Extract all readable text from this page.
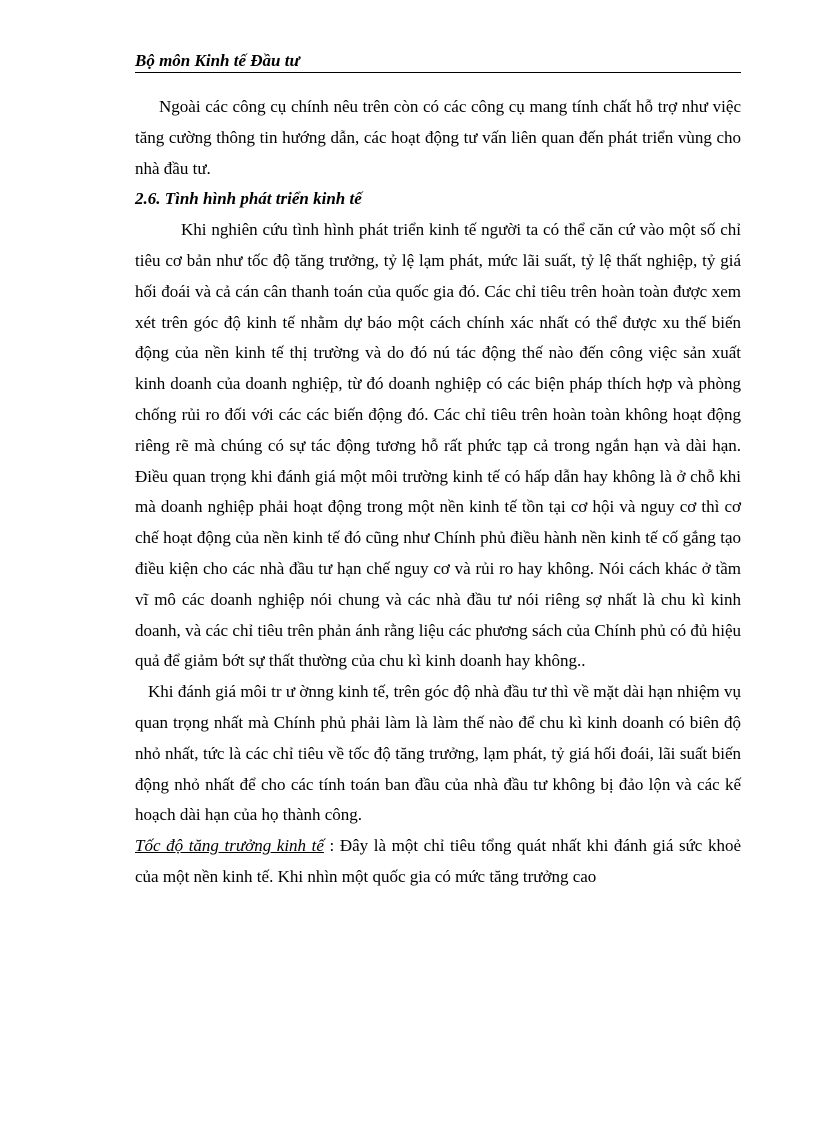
Bộ môn Kinh tế Đầu tư

Ngoài các công cụ chính nêu trên còn có các công cụ mang tính chất hỗ trợ như việc tăng cường thông tin hướng dẫn, các hoạt động tư vấn liên quan đến phát triển vùng cho nhà đầu tư.

2.6. Tình hình phát triển kinh tế

Khi nghiên cứu tình hình phát triển kinh tế người ta có thể căn cứ vào một số chỉ tiêu cơ bản như tốc độ tăng trưởng, tỷ lệ lạm phát, mức lãi suất, tỷ lệ thất nghiệp, tỷ giá hối đoái và cả cán cân thanh toán của quốc gia đó. Các chỉ tiêu trên hoàn toàn được xem xét trên góc độ kinh tế nhằm dự báo một cách chính xác nhất có thể được xu thế biến động của nền kinh tế thị trường và do đó nú tác động thế nào đến công việc sản xuất kinh doanh của doanh nghiệp, từ đó doanh nghiệp có các biện pháp thích hợp và phòng chống rủi ro đối với các các biến động đó. Các chỉ tiêu trên hoàn toàn không hoạt động riêng rẽ mà chúng có sự tác động tương hỗ rất phức tạp cả trong ngắn hạn và dài hạn. Điều quan trọng khi đánh giá một môi trường kinh tế có hấp dẫn hay không là ở chỗ khi mà doanh nghiệp phải hoạt động trong một nền kinh tế tồn tại cơ hội và nguy cơ thì cơ chế hoạt động của nền kinh tế đó cũng như Chính phủ điều hành nền kinh tế cố gắng tạo điều kiện cho các nhà đầu tư hạn chế nguy cơ và rủi ro hay không. Nói cách khác ở tầm vĩ mô các doanh nghiệp nói chung và các nhà đầu tư nói riêng sợ nhất là chu kì kinh doanh, và các chỉ tiêu trên phản ánh rằng liệu các phương sách của Chính phủ có đủ hiệu quả để giảm bớt sự thất thường của chu kì kinh doanh hay không..

Khi đánh giá môi tr ư ờnng kinh tế, trên góc độ nhà đầu tư thì về mặt dài hạn nhiệm vụ quan trọng nhất mà Chính phủ phải làm là làm thế nào để chu kì kinh doanh có biên độ nhỏ nhất, tức là các chỉ tiêu về tốc độ tăng trưởng, lạm phát, tỷ giá hối đoái, lãi suất biến động nhỏ nhất để cho các tính toán ban đầu của nhà đầu tư không bị đảo lộn và các kế hoạch dài hạn của họ thành công.

Tốc độ tăng trưởng kinh tế : Đây là một chỉ tiêu tổng quát nhất khi đánh giá sức khoẻ của một nền kinh tế. Khi nhìn một quốc gia có mức tăng trưởng cao
